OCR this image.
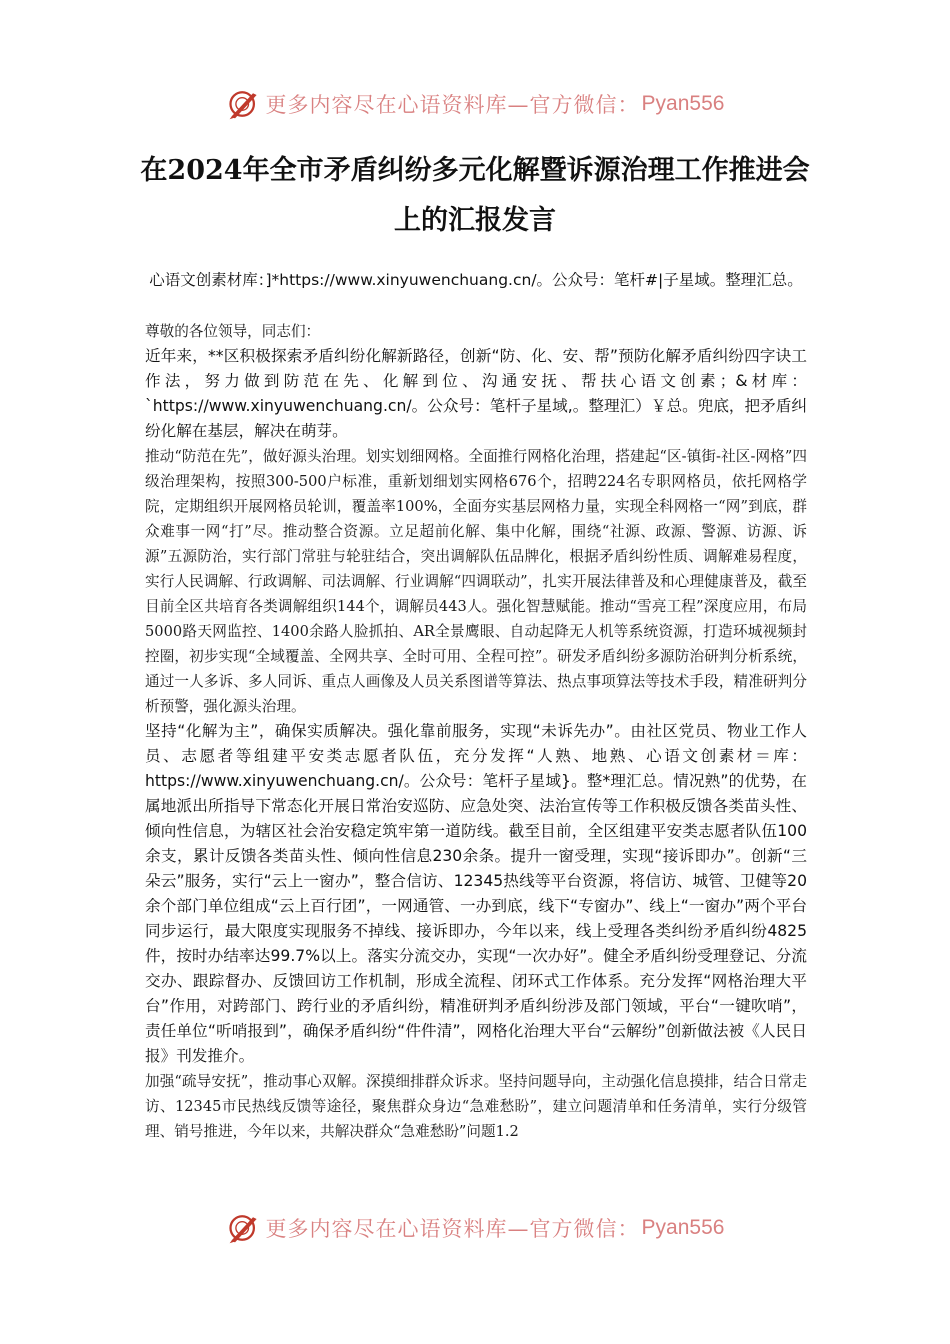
更多内容尽在心语资料库—官方微信： Pyan556
在2024年全市矛盾纠纷多元化解暨诉源治理工作推进会上的汇报发言
心语文创素材库：]*https://www.xinyuwenchuang.cn/。公众号：笔杆#|子星域。整理汇总。

尊敬的各位领导，同志们：

近年来，**区积极探索矛盾纠纷化解新路径，创新“防、化、安、帮”预防化解矛盾纠纷四字诀工作法，努力做到防范在先、化解到位、沟通安抚、帮扶心语文创素；&材库：`https://www.xinyuwenchuang.cn/。公众号：笔杆子星域,。整理汇）￥总。兜底，把矛盾纠纷化解在基层，解决在萌芽。

推动“防范在先”，做好源头治理。划实划细网格。全面推行网格化治理，搭建起“区-镇街-社区-网格”四级治理架构，按照300-500户标准，重新划细划实网格676个，招聘224名专职网格员，依托网格学院，定期组织开展网格员轮训，覆盖率100%，全面夯实基层网格力量，实现全科网格一“网”到底，群众难事一网“打”尽。推动整合资源。立足超前化解、集中化解，围绕“社源、政源、警源、访源、诉源”五源防治，实行部门常驻与轮驻结合，突出调解队伍品牌化，根据矛盾纠纷性质、调解难易程度，实行人民调解、行政调解、司法调解、行业调解“四调联动”，扎实开展法律普及和心理健康普及，截至目前全区共培育各类调解组织144个，调解员443人。强化智慧赋能。推动“雪亮工程”深度应用，布局5000路天网监控、1400余路人脸抓拍、AR全景鹰眼、自动起降无人机等系统资源，打造环城视频封控圈，初步实现“全域覆盖、全网共享、全时可用、全程可控”。研发矛盾纠纷多源防治研判分析系统，通过一人多诉、多人同诉、重点人画像及人员关系图谱等算法、热点事项算法等技术手段，精准研判分析预警，强化源头治理。

坚持“化解为主”，确保实质解决。强化靠前服务，实现“未诉先办”。由社区党员、物业工作人员、志愿者等组建平安类志愿者队伍，充分发挥“人熟、地熟、心语文创素材＝库：https://www.xinyuwenchuang.cn/。公众号：笔杆子星域}。整*理汇总。情况熟”的优势，在属地派出所指导下常态化开展日常治安巡防、应急处突、法治宣传等工作积极反馈各类苗头性、倾向性信息，为辖区社会治安稳定筑牢第一道防线。截至目前，全区组建平安类志愿者队伍100余支，累计反馈各类苗头性、倾向性信息230余条。提升一窗受理，实现“接诉即办”。创新“三朵云”服务，实行“云上一窗办”，整合信访、12345热线等平台资源，将信访、城管、卫健等20余个部门单位组成“云上百行团”，一网通管、一办到底，线下“专窗办”、线上“一窗办”两个平台同步运行，最大限度实现服务不掉线、接诉即办，今年以来，线上受理各类纠纷矛盾纠纷4825件，按时办结率达99.7%以上。落实分流交办，实现“一次办好”。健全矛盾纠纷受理登记、分流交办、跟踪督办、反馈回访工作机制，形成全流程、闭环式工作体系。充分发挥“网格治理大平台”作用，对跨部门、跨行业的矛盾纠纷，精准研判矛盾纠纷涉及部门领域，平台“一键吹哨”，责任单位“听哨报到”，确保矛盾纠纷“件件清”，网格化治理大平台“云解纷”创新做法被《人民日报》刊发推介。

加强“疏导安抚”，推动事心双解。深摸细排群众诉求。坚持问题导向，主动强化信息摸排，结合日常走访、12345市民热线反馈等途径，聚焦群众身边“急难愁盼”，建立问题清单和任务清单，实行分级管理、销号推进，今年以来，共解决群众“急难愁盼”问题1.2

更多内容尽在心语资料库—官方微信： Pyan556
